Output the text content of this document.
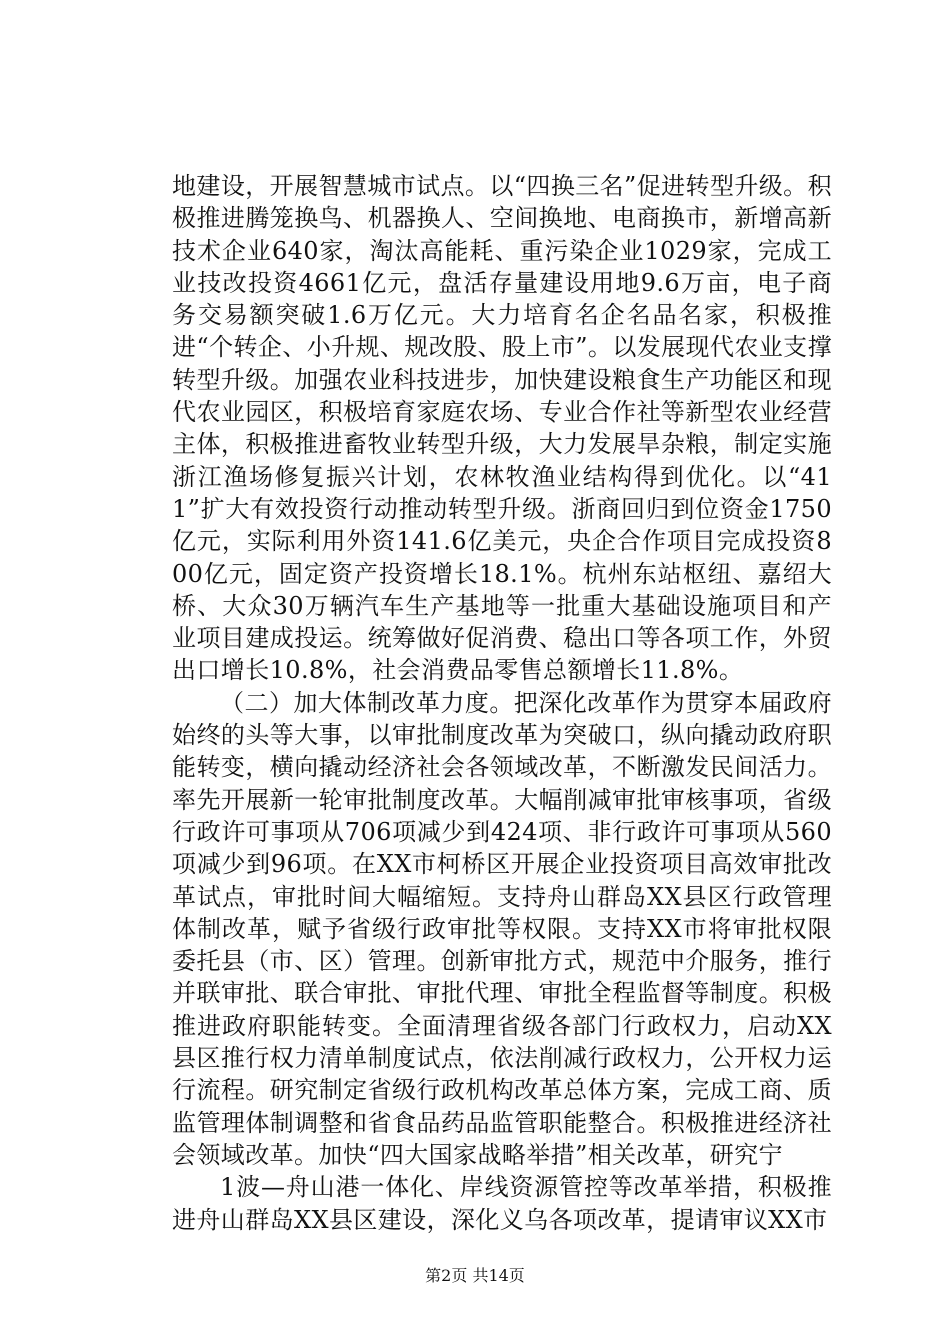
地建设，开展智慧城市试点。以“四换三名”促进转型升级。积极推进腾笼换鸟、机器换人、空间换地、电商换市，新增高新技术企业640家，淘汰高能耗、重污染企业1029家，完成工业技改投资4661亿元，盘活存量建设用地9.6万亩，电子商务交易额突破1.6万亿元。大力培育名企名品名家，积极推进“个转企、小升规、规改股、股上市”。以发展现代农业支撑转型升级。加强农业科技进步，加快建设粮食生产功能区和现代农业园区，积极培育家庭农场、专业合作社等新型农业经营主体，积极推进畜牧业转型升级，大力发展旱杂粮，制定实施浙江渔场修复振兴计划，农林牧渔业结构得到优化。以“411”扩大有效投资行动推动转型升级。浙商回归到位资金1750亿元，实际利用外资141.6亿美元，央企合作项目完成投资800亿元，固定资产投资增长18.1%。杭州东站枢纽、嘉绍大桥、大众30万辆汽车生产基地等一批重大基础设施项目和产业项目建成投运。统筹做好促消费、稳出口等各项工作，外贸出口增长10.8%，社会消费品零售总额增长11.8%。

（二）加大体制改革力度。把深化改革作为贯穿本届政府始终的头等大事，以审批制度改革为突破口，纵向撬动政府职能转变，横向撬动经济社会各领域改革，不断激发民间活力。率先开展新一轮审批制度改革。大幅削减审批审核事项，省级行政许可事项从706项减少到424项、非行政许可事项从560项减少到96项。在XX市柯桥区开展企业投资项目高效审批改革试点，审批时间大幅缩短。支持舟山群岛XX县区行政管理体制改革，赋予省级行政审批等权限。支持XX市将审批权限委托县（市、区）管理。创新审批方式，规范中介服务，推行并联审批、联合审批、审批代理、审批全程监督等制度。积极推进政府职能转变。全面清理省级各部门行政权力，启动XX县区推行权力清单制度试点，依法削减行政权力，公开权力运行流程。研究制定省级行政机构改革总体方案，完成工商、质监管理体制调整和省食品药品监管职能整合。积极推进经济社会领域改革。加快“四大国家战略举措”相关改革，研究宁

1波—舟山港一体化、岸线资源管控等改革举措，积极推进舟山群岛XX县区建设，深化义乌各项改革，提请审议XX市

第2页 共14页
